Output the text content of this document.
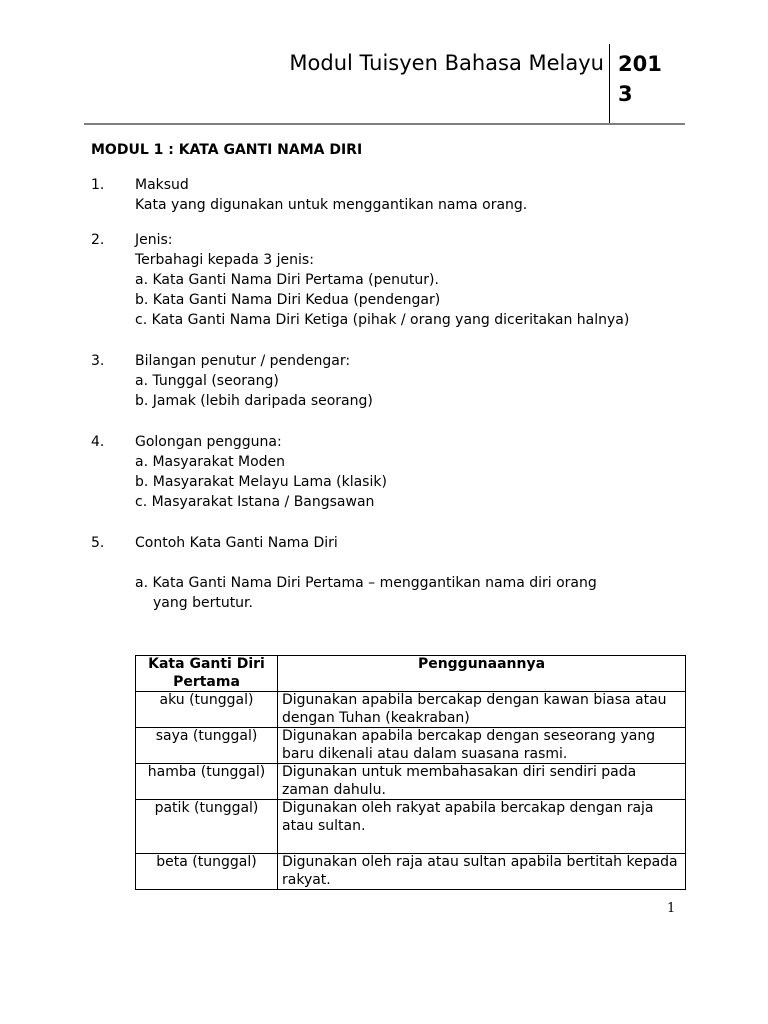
Modul Tuisyen Bahasa Melayu 201
3
MODUL 1 : KATA GANTI NAMA DIRI
1.	Maksud
Kata yang digunakan untuk menggantikan nama orang.
2.	Jenis:
Terbahagi kepada 3 jenis:
a. Kata Ganti Nama Diri Pertama (penutur).
b. Kata Ganti Nama Diri Kedua (pendengar)
c. Kata Ganti Nama Diri Ketiga (pihak / orang yang diceritakan halnya)
3.	Bilangan penutur / pendengar:
a. Tunggal (seorang)
b. Jamak (lebih daripada seorang)
4.	Golongan pengguna:
a. Masyarakat Moden
b. Masyarakat Melayu Lama (klasik)
c. Masyarakat Istana / Bangsawan
5.	Contoh Kata Ganti Nama Diri
a. Kata Ganti Nama Diri Pertama – menggantikan nama diri orang
yang bertutur.
Kata Ganti Diri Pertama	Penggunaannya
aku (tunggal)	Digunakan apabila bercakap dengan kawan biasa atau dengan Tuhan (keakraban)
saya (tunggal)	Digunakan apabila bercakap dengan seseorang yang baru dikenali atau dalam suasana rasmi.
hamba (tunggal)	Digunakan untuk membahasakan diri sendiri pada zaman dahulu.
patik (tunggal)	Digunakan oleh rakyat apabila bercakap dengan raja atau sultan.
beta (tunggal)	Digunakan oleh raja atau sultan apabila bertitah kepada rakyat.
1
